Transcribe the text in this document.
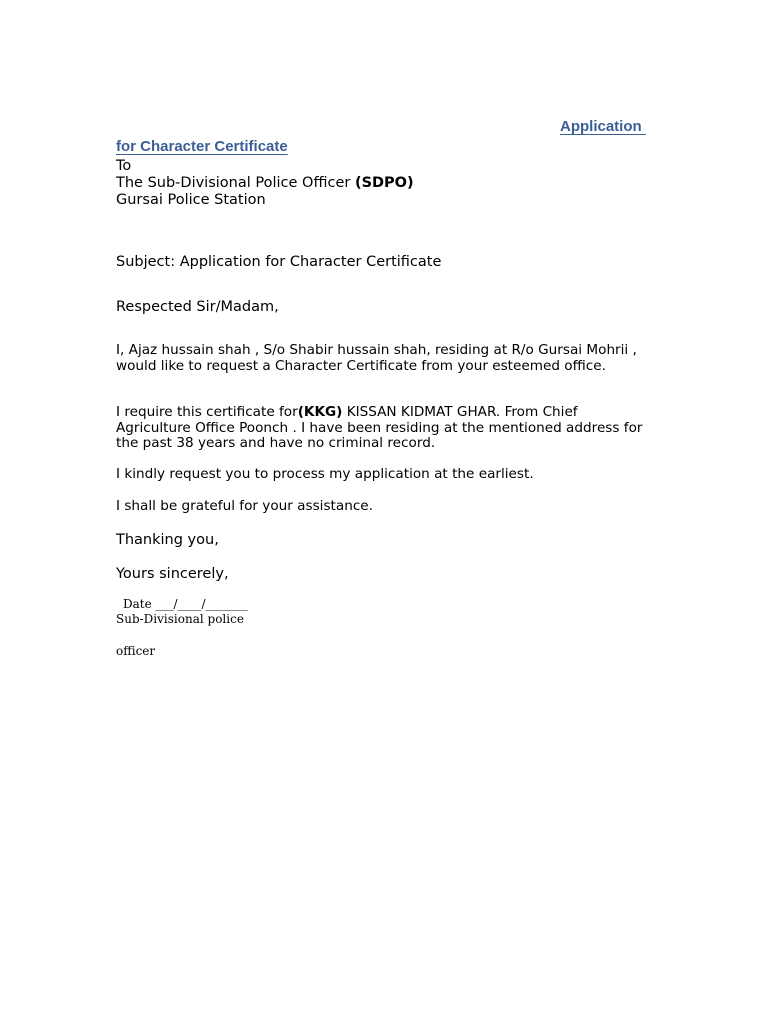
Application
for Character Certificate
To
The Sub-Divisional Police Officer (SDPO)
Gursai Police Station
Subject: Application for Character Certificate
Respected Sir/Madam,
I, Ajaz hussain shah , S/o Shabir hussain shah, residing at R/o Gursai Mohrii , would like to request a Character Certificate from your esteemed office.
I require this certificate for(KKG) KISSAN KIDMAT GHAR. From Chief Agriculture Office Poonch . I have been residing at the mentioned address for the past 38 years and have no criminal record.
I kindly request you to process my application at the earliest.
I shall be grateful for your assistance.
Thanking you,
Yours sincerely,
Date ___/____/_______
Sub-Divisional police
officer
